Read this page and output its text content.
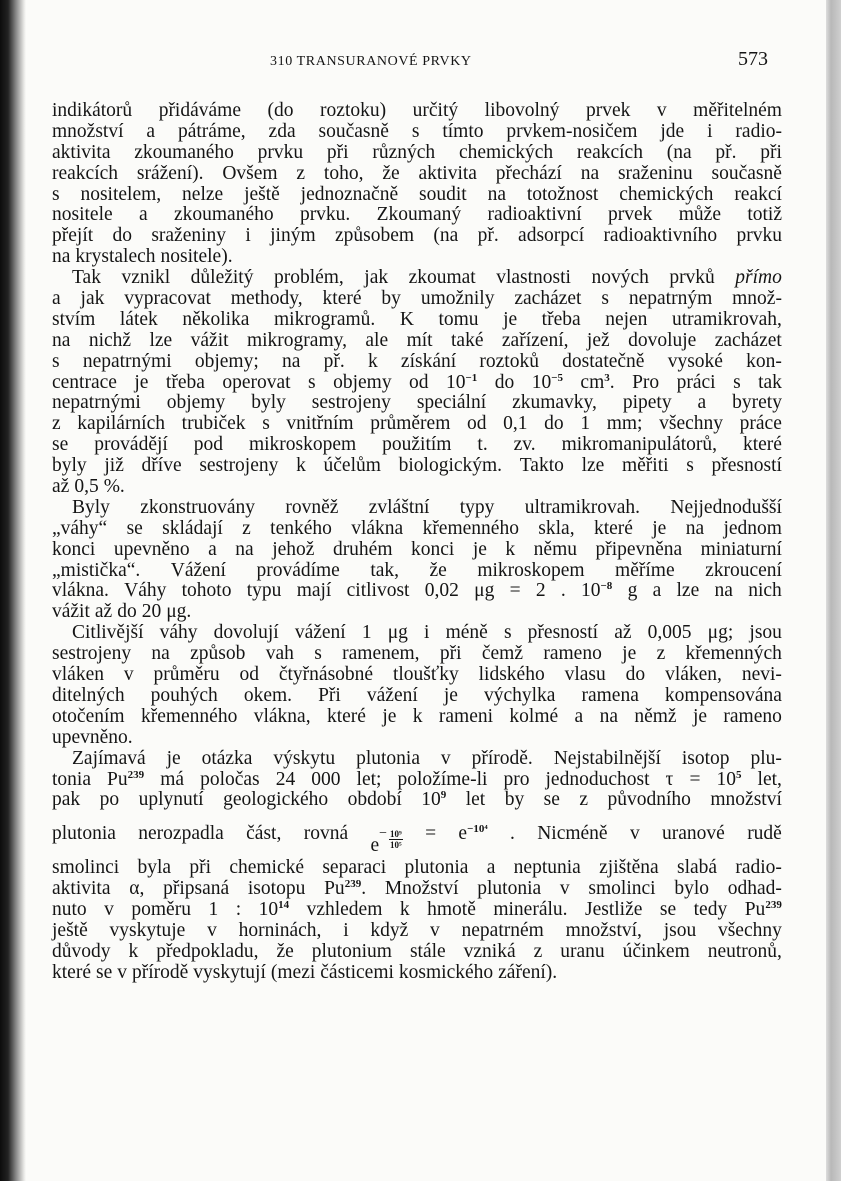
310 TRANSURANOVÉ PRVKY	573
indikátorů přidáváme (do roztoku) určitý libovolný prvek v měřitelném
množství a pátráme, zda současně s tímto prvkem-nosičem jde i radio-
aktivita zkoumaného prvku při různých chemických reakcích (na př. při
reakcích srážení). Ovšem z toho, že aktivita přechází na sraženinu současně
s nositelem, nelze ještě jednoznačně soudit na totožnost chemických reakcí
nositele a zkoumaného prvku. Zkoumaný radioaktivní prvek může totiž
přejít do sraženiny i jiným způsobem (na př. adsorpcí radioaktivního prvku
na krystalech nositele).
Tak vznikl důležitý problém, jak zkoumat vlastnosti nových prvků přímo
a jak vypracovat methody, které by umožnily zacházet s nepatrným množ-
stvím látek několika mikrogramů. K tomu je třeba nejen utramikrovah,
na nichž lze vážit mikrogramy, ale mít také zařízení, jež dovoluje zacházet
s nepatrnými objemy; na př. k získání roztoků dostatečně vysoké kon-
centrace je třeba operovat s objemy od $10^{-1}$ do $10^{-5}$ $cm^3$. Pro práci s tak
nepatrnými objemy byly sestrojeny speciální zkumavky, pipety a byrety
z kapilárních trubiček s vnitřním průměrem od 0,1 do 1 mm; všechny práce
se provádějí pod mikroskopem použitím t. zv. mikromanipulátorů, které
byly již dříve sestrojeny k účelům biologickým. Takto lze měřiti s přesností
až 0,5 %.
Byly zkonstruovány rovněž zvláštní typy ultramikrovah. Nejjednodušší
„váhy“ se skládají z tenkého vlákna křemenného skla, které je na jednom
konci upevněno a na jehož druhém konci je k němu připevněna miniaturní
„mistička“. Vážení provádíme tak, že mikroskopem měříme zkroucení
vlákna. Váhy tohoto typu mají citlivost 0,02 μg = 2 . $10^{-8}$ g a lze na nich
vážit až do 20 μg.
Citlivější váhy dovolují vážení 1 μg i méně s přesností až 0,005 μg; jsou
sestrojeny na způsob vah s ramenem, při čemž rameno je z křemenných
vláken v průměru od čtyřnásobné tloušťky lidského vlasu do vláken, nevi-
ditelných pouhých okem. Při vážení je výchylka ramena kompensována
otočením křemenného vlákna, které je k rameni kolmé a na němž je rameno
upevněno.
Zajímavá je otázka výskytu plutonia v přírodě. Nejstabilnější isotop plu-
tonia Pu$^{239}$ má poločas 24 000 let; položíme-li pro jednoduchost $\tau = 10^5$ let,
pak po uplynutí geologického období $10^9$ let by se z původního množství
plutonia nerozpadla část, rovná
$e^- \frac{\text{10⁹}}{\text{10⁵}} = e^{-10^4}$ . Nicméně v uranové rudě
smolinci byla při chemické separaci plutonia a neptunia zjištěna slabá radio-
aktivita α, připsaná isotopu Pu$^{239}$. Množství plutonia v smolinci bylo odhad-
nuto v poměru 1 : $10^{14}$ vzhledem k hmotě minerálu. Jestliže se tedy Pu$^{239}$
ještě vyskytuje v horninách, i když v nepatrném množství, jsou všechny
důvody k předpokladu, že plutonium stále vzniká z uranu účinkem neutronů,
které se v přírodě vyskytují (mezi částicemi kosmického záření).
